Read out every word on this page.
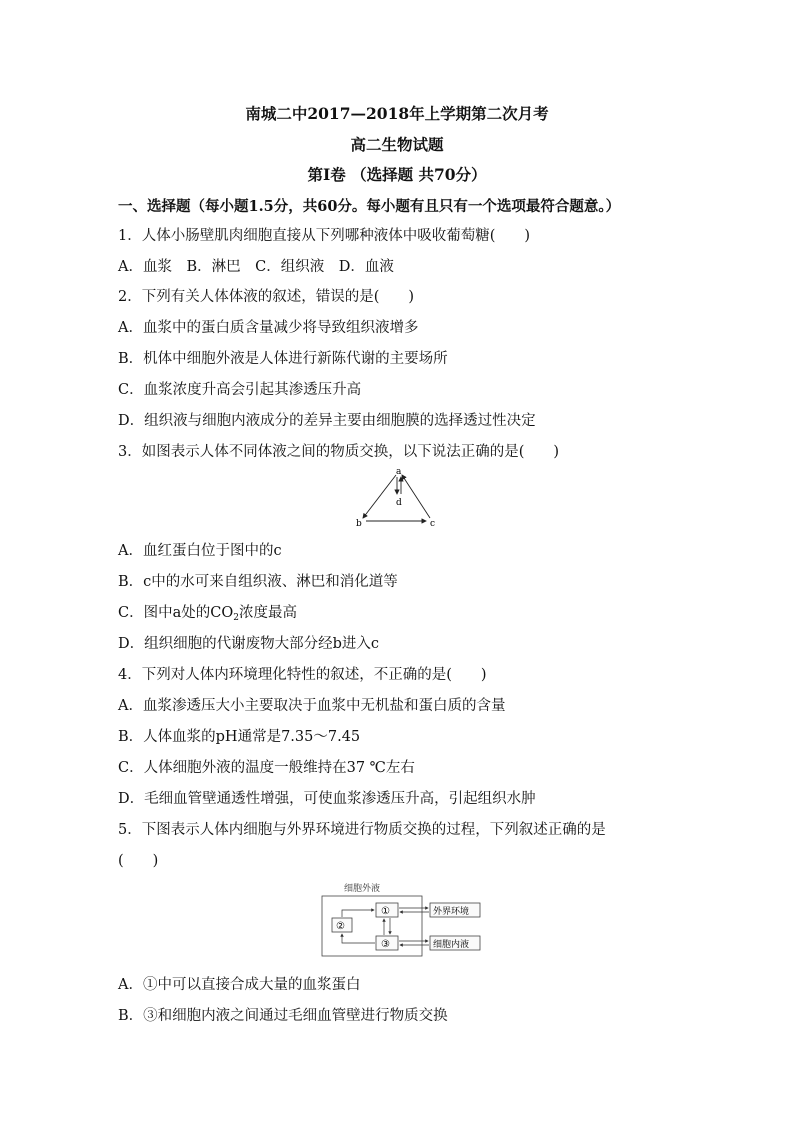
南城二中2017—2018年上学期第二次月考
高二生物试题
第Ⅰ卷 （选择题 共70分）
一、选择题（每小题1.5分，共60分。每小题有且只有一个选项最符合题意。）
1．人体小肠壁肌肉细胞直接从下列哪种液体中吸收葡萄糖(　　)
A．血浆　B．淋巴　C．组织液　D．血液
2．下列有关人体体液的叙述，错误的是(　　)
A．血浆中的蛋白质含量减少将导致组织液增多
B．机体中细胞外液是人体进行新陈代谢的主要场所
C．血浆浓度升高会引起其渗透压升高
D．组织液与细胞内液成分的差异主要由细胞膜的选择透过性决定
3．如图表示人体不同体液之间的物质交换，以下说法正确的是(　　)
a
d
b	c
A．血红蛋白位于图中的c
B．c中的水可来自组织液、淋巴和消化道等
C．图中a处的$CO_2$浓度最高
D．组织细胞的代谢废物大部分经b进入c
4．下列对人体内环境理化特性的叙述，不正确的是(　　)
A．血浆渗透压大小主要取决于血浆中无机盐和蛋白质的含量
B．人体血浆的pH通常是7.35～7.45
C．人体细胞外液的温度一般维持在37 ℃左右
D．毛细血管壁通透性增强，可使血浆渗透压升高，引起组织水肿
5．下图表示人体内细胞与外界环境进行物质交换的过程，下列叙述正确的是
(　　)
细胞外液
①
②
③
外界环境
细胞内液
A．①中可以直接合成大量的血浆蛋白
B．③和细胞内液之间通过毛细血管壁进行物质交换
